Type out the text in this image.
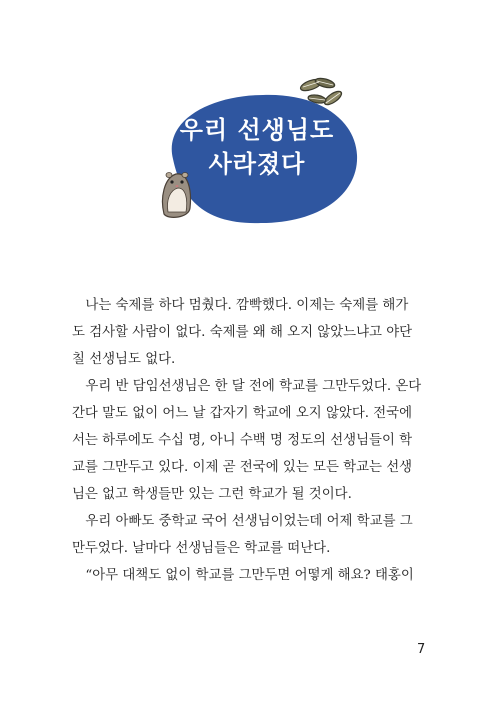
우리 선생님도
사라졌다

나는 숙제를 하다 멈췄다. 깜빡했다. 이제는 숙제를 해가
도 검사할 사람이 없다. 숙제를 왜 해 오지 않았느냐고 야단
칠 선생님도 없다.

우리 반 담임선생님은 한 달 전에 학교를 그만두었다. 온다
간다 말도 없이 어느 날 갑자기 학교에 오지 않았다. 전국에
서는 하루에도 수십 명, 아니 수백 명 정도의 선생님들이 학
교를 그만두고 있다. 이제 곧 전국에 있는 모든 학교는 선생
님은 없고 학생들만 있는 그런 학교가 될 것이다.

우리 아빠도 중학교 국어 선생님이었는데 어제 학교를 그
만두었다. 날마다 선생님들은 학교를 떠난다.

“아무 대책도 없이 학교를 그만두면 어떻게 해요? 태홍이

7
